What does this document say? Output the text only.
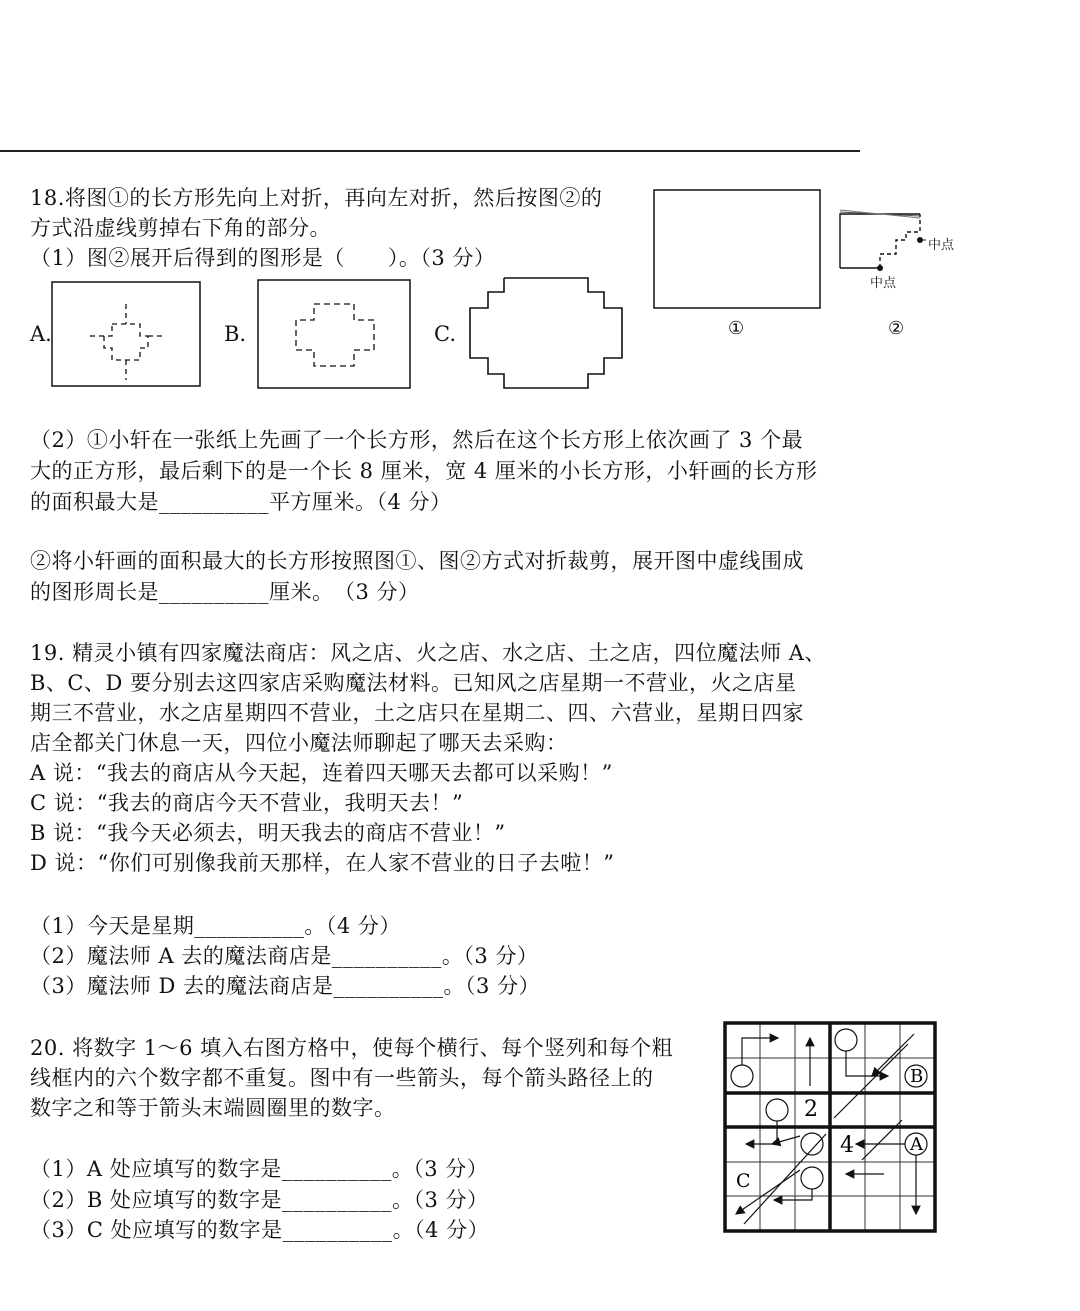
18.将图①的长方形先向上对折，再向左对折，然后按图②的
方式沿虚线剪掉右下角的部分。
（1）图②展开后得到的图形是（　　）。（3 分）
A.	B.	C.	①
中点
中点
②
（2）①小轩在一张纸上先画了一个长方形，然后在这个长方形上依次画了 3 个最
大的正方形，最后剩下的是一个长 8 厘米，宽 4 厘米的小长方形，小轩画的长方形
的面积最大是__________平方厘米。（4 分）
②将小轩画的面积最大的长方形按照图①、图②方式对折裁剪，展开图中虚线围成
的图形周长是__________厘米。　（3 分）
19. 精灵小镇有四家魔法商店：风之店、火之店、水之店、土之店，四位魔法师 A、
B、C、D 要分别去这四家店采购魔法材料。已知风之店星期一不营业，火之店星
期三不营业，水之店星期四不营业，土之店只在星期二、四、六营业，星期日四家
店全都关门休息一天，四位小魔法师聊起了哪天去采购：
A 说：“我去的商店从今天起，连着四天哪天去都可以采购！”
C 说：“我去的商店今天不营业，我明天去！”
B 说：“我今天必须去，明天我去的商店不营业！”
D 说：“你们可别像我前天那样，在人家不营业的日子去啦！”
（1）今天是星期__________。（4 分）
（2）魔法师 A 去的魔法商店是__________。（3 分）
（3）魔法师 D 去的魔法商店是__________。（3 分）
20. 将数字 1～6 填入右图方格中，使每个横行、每个竖列和每个粗
线框内的六个数字都不重复。图中有一些箭头，每个箭头路径上的
数字之和等于箭头末端圆圈里的数字。
（1）A 处应填写的数字是__________。（3 分）
（2）B 处应填写的数字是__________。（3 分）
（3）C 处应填写的数字是__________。（4 分）
B
A
C
2
4
